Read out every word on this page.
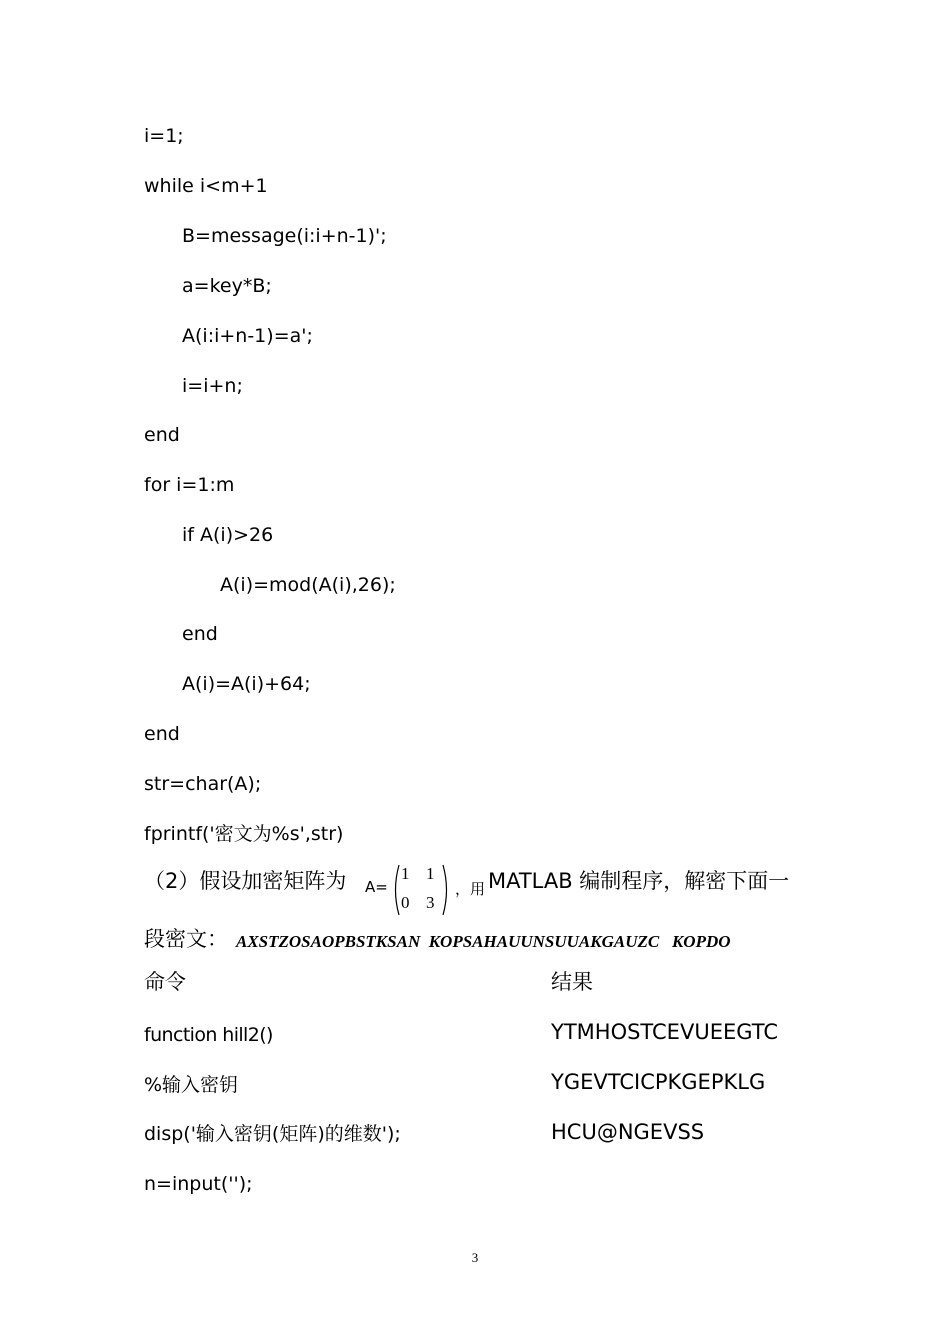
i=1;
while i<m+1
B=message(i:i+n-1)';
a=key*B;
A(i:i+n-1)=a';
i=i+n;
end
for i=1:m
if A(i)>26
A(i)=mod(A(i),26);
end
A(i)=A(i)+64;
end
str=char(A);
fprintf('密文为%s',str)
（2）假设加密矩阵为 A=
1 1
0 3
，用 MATLAB 编制程序，解密下面一
段密文： AXSTZOSAOPBSTKSAN  KOPSAHAUUNSUUAKGAUZC   KOPDO
命令	结果
function hill2()
%输入密钥
disp('输入密钥(矩阵)的维数');
n=input('');
YTMHOSTCEVUEEGTC
YGEVTCICPKGEPKLG
HCU@NGEVSS
3
